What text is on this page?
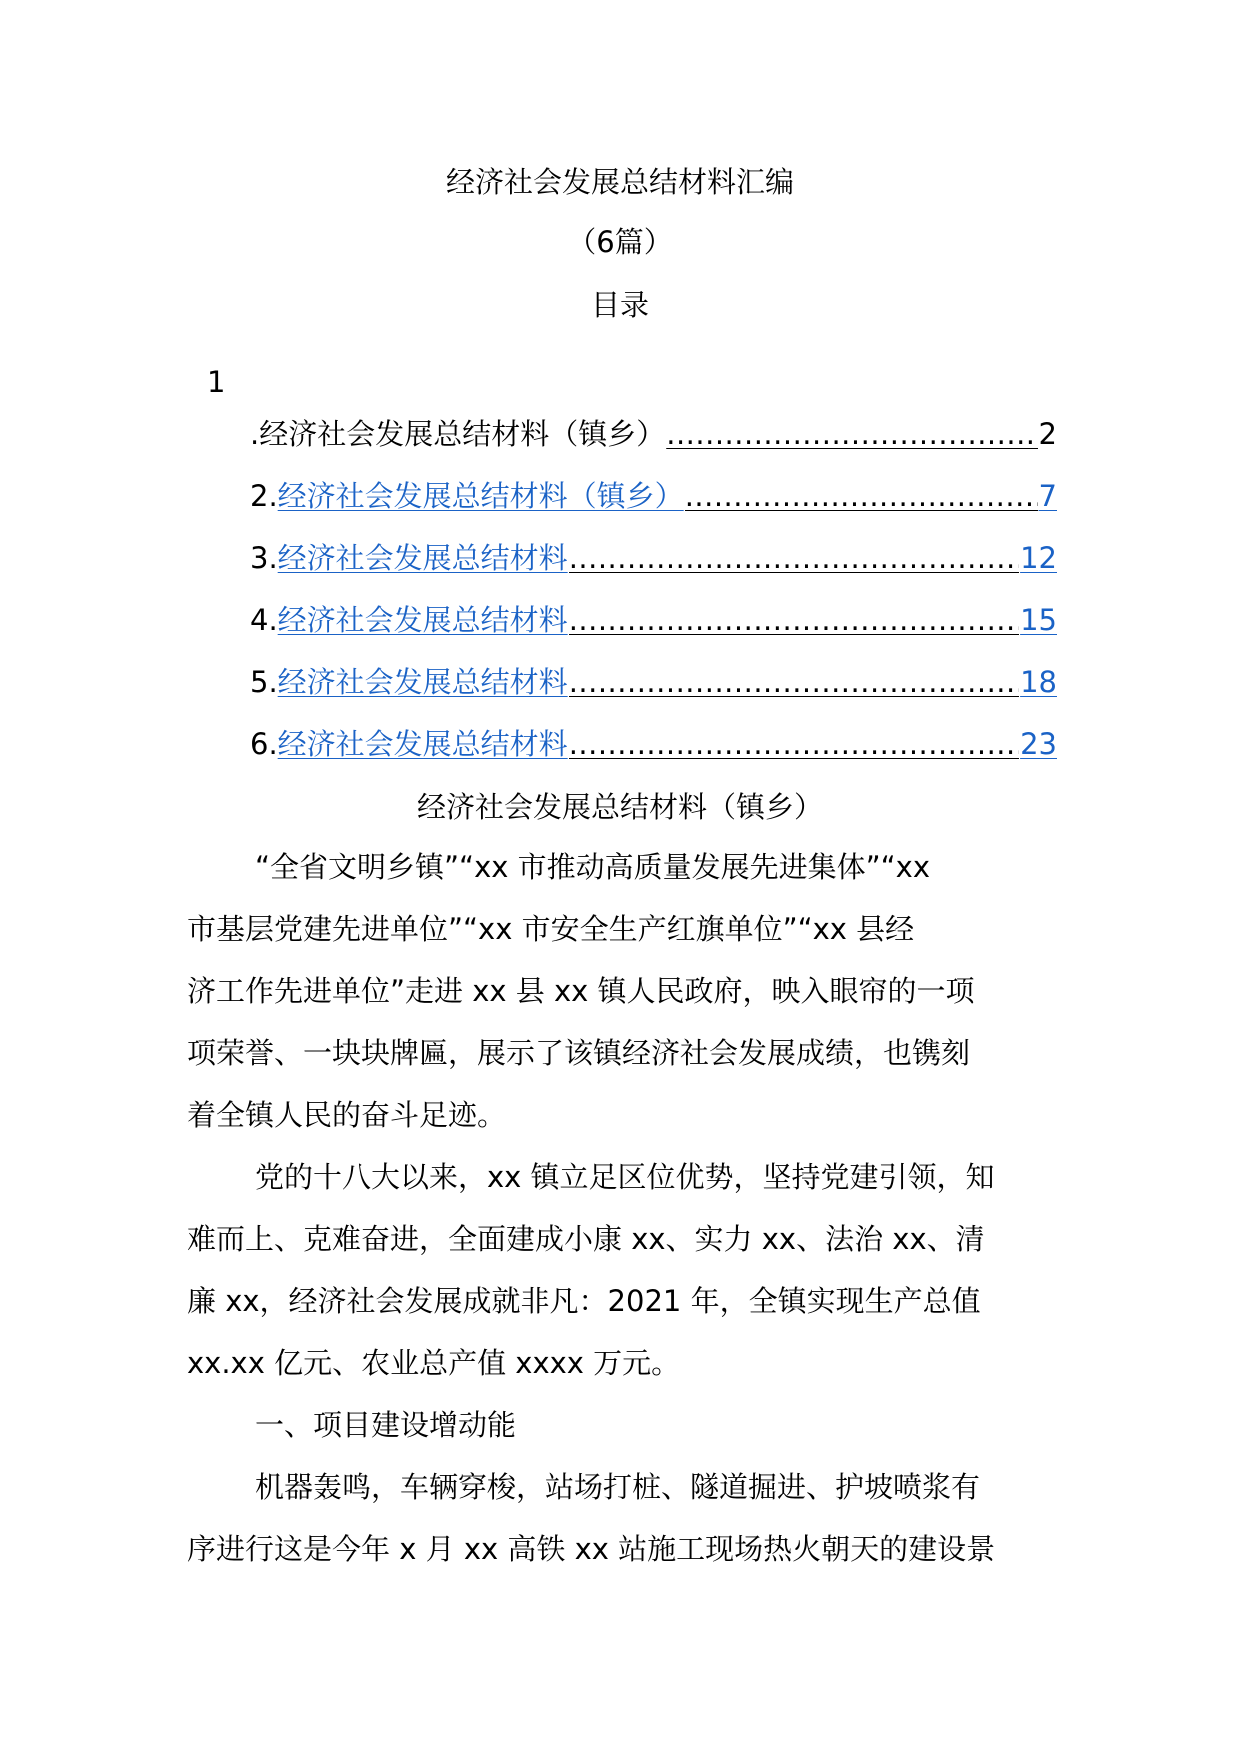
经济社会发展总结材料汇编
（6篇）
目录
1
.经济社会发展总结材料（镇乡） .....	2
2. 经济社会发展总结材料（镇乡） .....	7
3. 经济社会发展总结材料 .....	12
4. 经济社会发展总结材料 .....	15
5. 经济社会发展总结材料 .....	18
6. 经济社会发展总结材料 .....	23
经济社会发展总结材料（镇乡）
“全省文明乡镇”“xx 市推动高质量发展先进集体”“xx
市基层党建先进单位”“xx 市安全生产红旗单位”“xx 县经
济工作先进单位”走进 xx 县 xx 镇人民政府，映入眼帘的一项
项荣誉、一块块牌匾，展示了该镇经济社会发展成绩，也镌刻
着全镇人民的奋斗足迹。
党的十八大以来，xx 镇立足区位优势，坚持党建引领，知
难而上、克难奋进，全面建成小康 xx、实力 xx、法治 xx、清
廉 xx，经济社会发展成就非凡：2021 年，全镇实现生产总值
xx.xx 亿元、农业总产值 xxxx 万元。
一、项目建设增动能
机器轰鸣，车辆穿梭，站场打桩、隧道掘进、护坡喷浆有
序进行这是今年 x 月 xx 高铁 xx 站施工现场热火朝天的建设景
